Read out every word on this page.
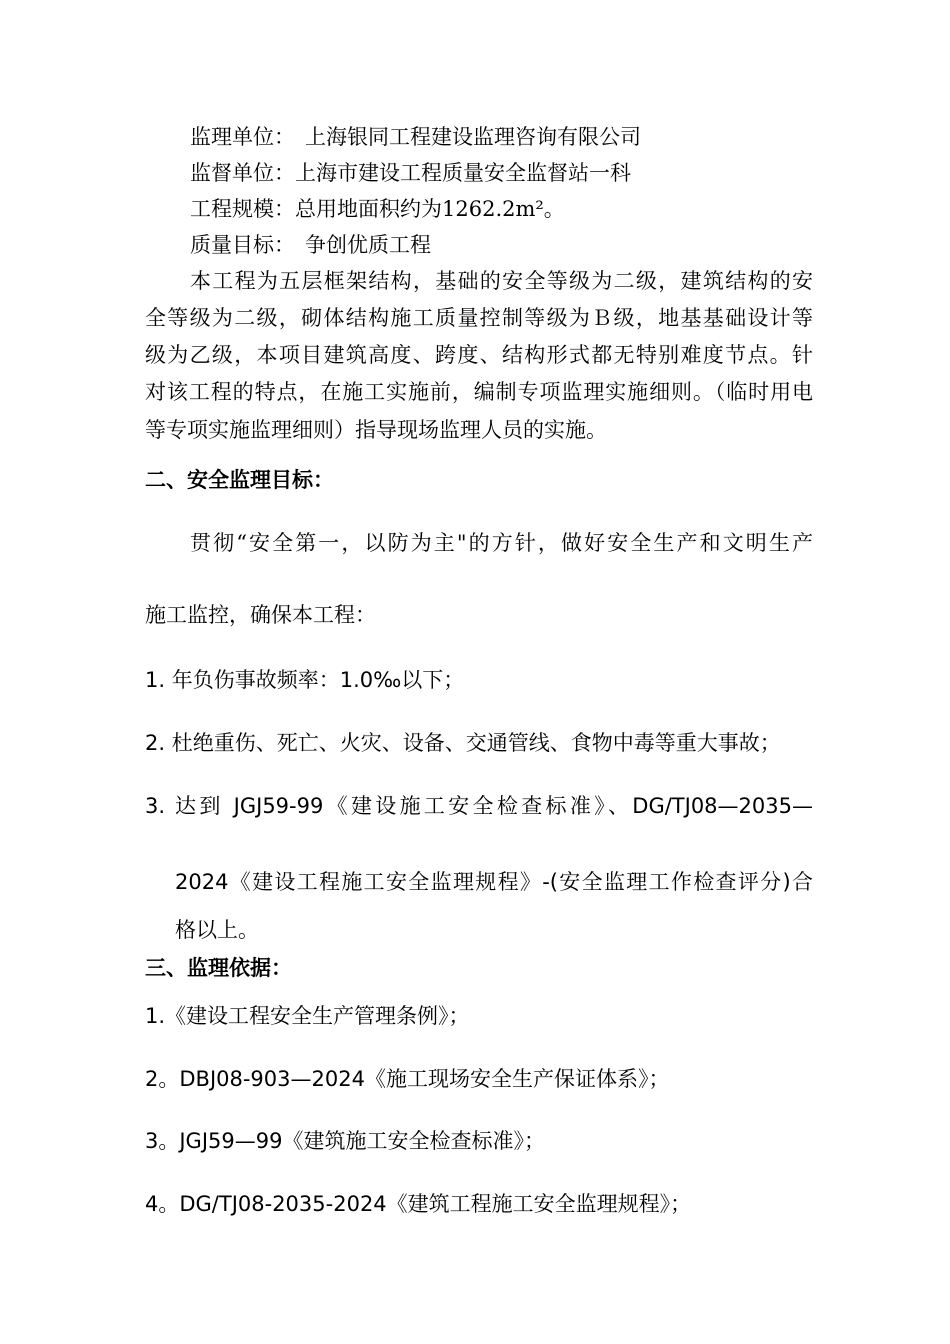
监理单位： 上海银同工程建设监理咨询有限公司
监督单位：上海市建设工程质量安全监督站一科
工程规模：总用地面积约为1262.2m²。
质量目标： 争创优质工程
本工程为五层框架结构，基础的安全等级为二级，建筑结构的安
全等级为二级，砌体结构施工质量控制等级为Ｂ级，地基基础设计等
级为乙级，本项目建筑高度、跨度、结构形式都无特别难度节点。针
对该工程的特点，在施工实施前，编制专项监理实施细则。（临时用电
等专项实施监理细则）指导现场监理人员的实施。
二、安全监理目标：
贯彻“安全第一，以防为主"的方针，做好安全生产和文明生产
施工监控，确保本工程：
1. 年负伤事故频率：1.0‰以下；
2. 杜绝重伤、死亡、火灾、设备、交通管线、食物中毒等重大事故；
3. 达到 JGJ59-99《建设施工安全检查标准》、DG/TJ08—2035—
2024《建设工程施工安全监理规程》-(安全监理工作检查评分)合
格以上。
三、监理依据：
1.《建设工程安全生产管理条例》；
2。DBJ08-903—2024《施工现场安全生产保证体系》；
3。JGJ59—99《建筑施工安全检查标准》；
4。DG/TJ08-2035-2024《建筑工程施工安全监理规程》；
